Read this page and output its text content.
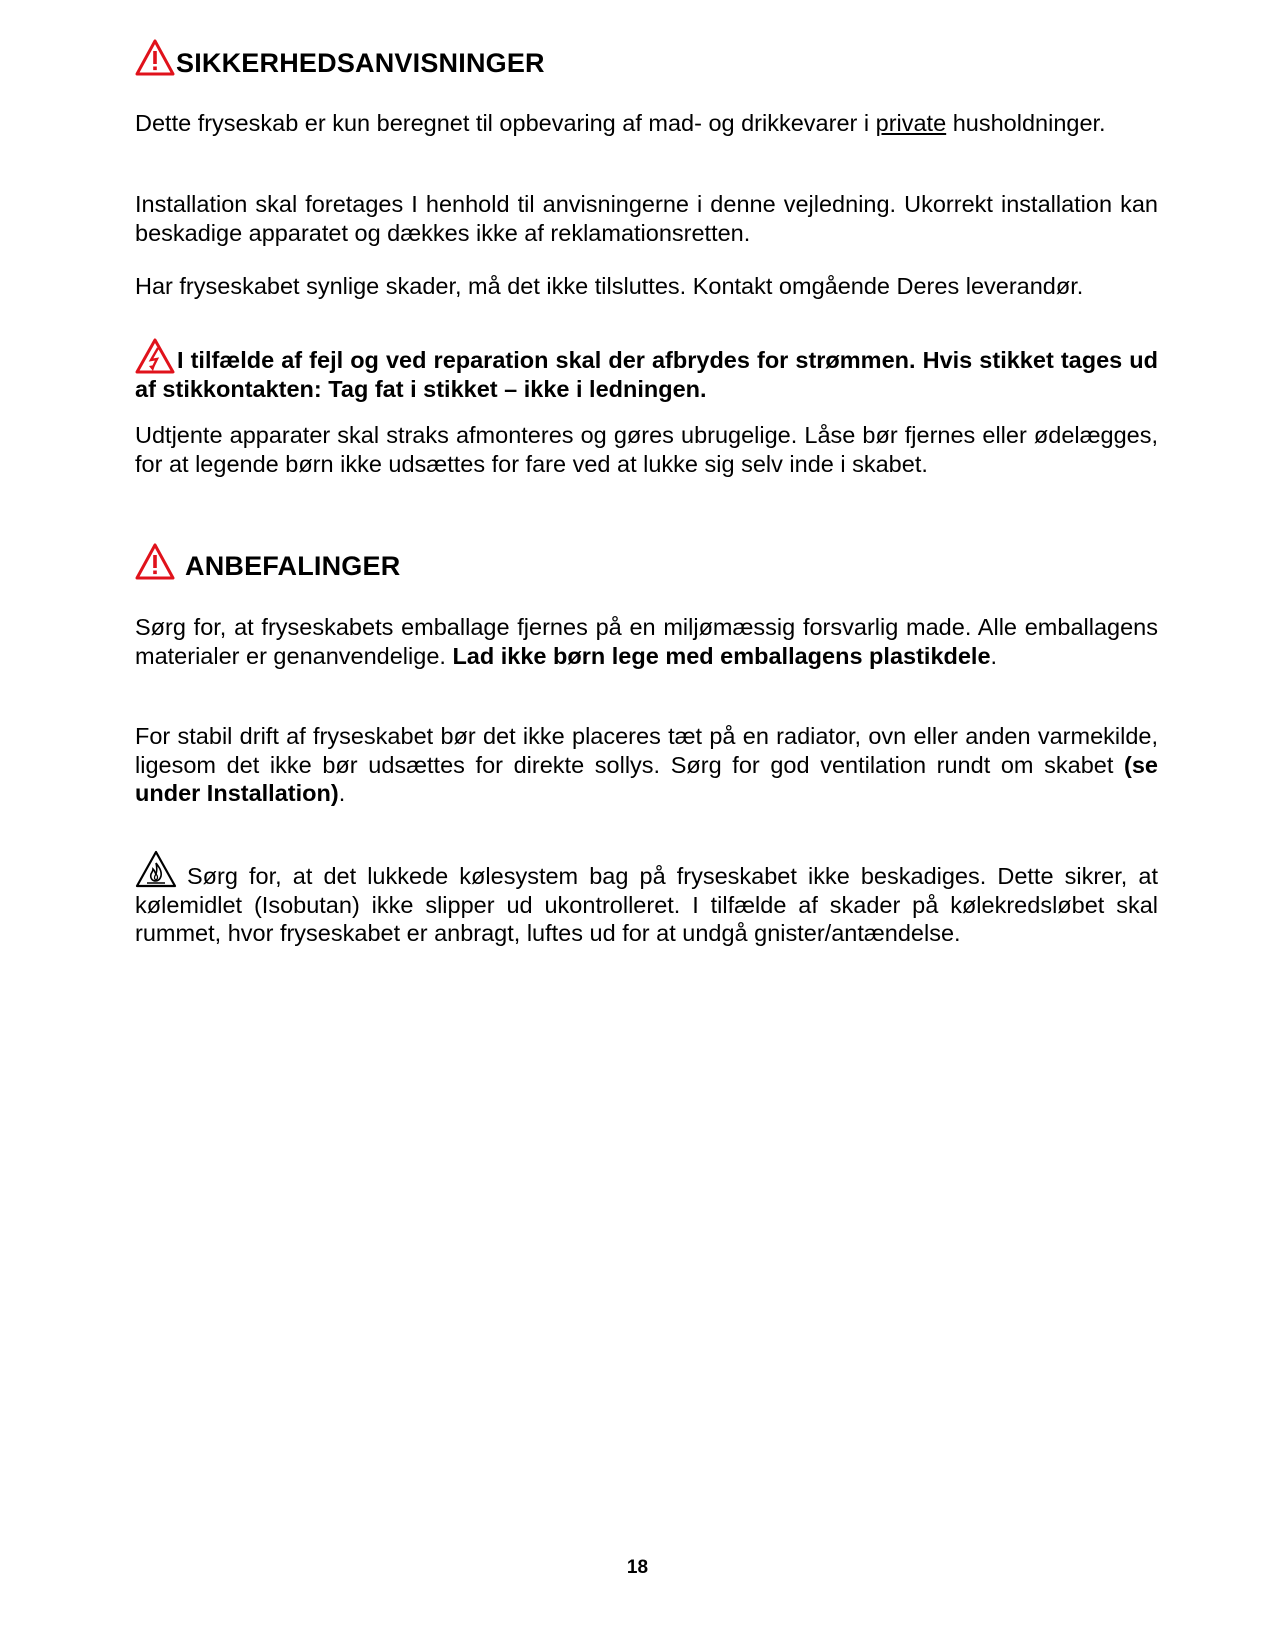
SIKKERHEDSANVISNINGER

Dette fryseskab er kun beregnet til opbevaring af mad- og drikkevarer i private husholdninger.

Installation skal foretages I henhold til anvisningerne i denne vejledning. Ukorrekt installation kan beskadige apparatet og dækkes ikke af reklamationsretten.

Har fryseskabet synlige skader, må det ikke tilsluttes. Kontakt omgående Deres leverandør.

I tilfælde af fejl og ved reparation skal der afbrydes for strømmen. Hvis stikket tages ud af stikkontakten: Tag fat i stikket – ikke i ledningen.

Udtjente apparater skal straks afmonteres og gøres ubrugelige. Låse bør fjernes eller ødelægges, for at legende børn ikke udsættes for fare ved at lukke sig selv inde i skabet.

ANBEFALINGER

Sørg for, at fryseskabets emballage fjernes på en miljømæssig forsvarlig made. Alle emballagens materialer er genanvendelige. Lad ikke børn lege med emballagens plastikdele.

For stabil drift af fryseskabet bør det ikke placeres tæt på en radiator, ovn eller anden varmekilde, ligesom det ikke bør udsættes for direkte sollys. Sørg for god ventilation rundt om skabet (se under Installation).

Sørg for, at det lukkede kølesystem bag på fryseskabet ikke beskadiges. Dette sikrer, at kølemidlet (Isobutan) ikke slipper ud ukontrolleret. I tilfælde af skader på kølekredsløbet skal rummet, hvor fryseskabet er anbragt, luftes ud for at undgå gnister/antændelse.

18
